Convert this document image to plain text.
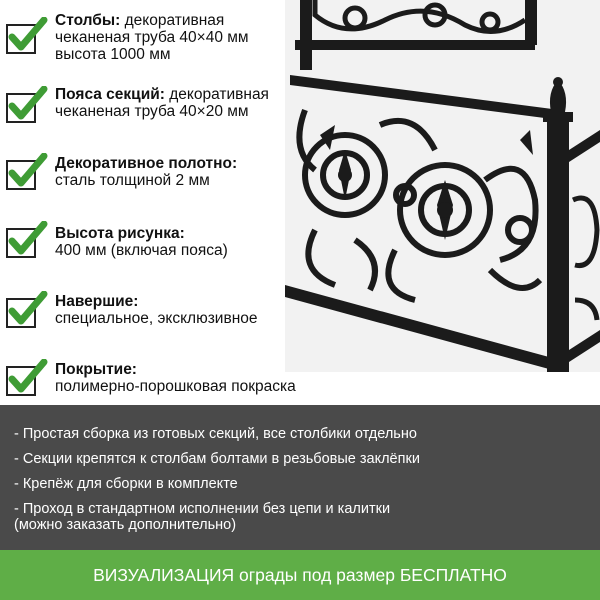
Столбы: декоративная
чеканеная труба 40×40 мм
высота 1000 мм
Пояса секций: декоративная
чеканеная труба 40×20 мм
Декоративное полотно:
сталь толщиной 2 мм
Высота рисунка:
400 мм (включая пояса)
Навершие:
специальное, эксклюзивное
Покрытие:
полимерно-порошковая покраска
- Простая сборка из готовых секций, все столбики отдельно
- Секции крепятся к столбам болтами в резьбовые заклёпки
- Крепёж для сборки в комплекте
- Проход в стандартном исполнении без цепи и калитки
(можно заказать дополнительно)
ВИЗУАЛИЗАЦИЯ ограды под размер БЕСПЛАТНО
